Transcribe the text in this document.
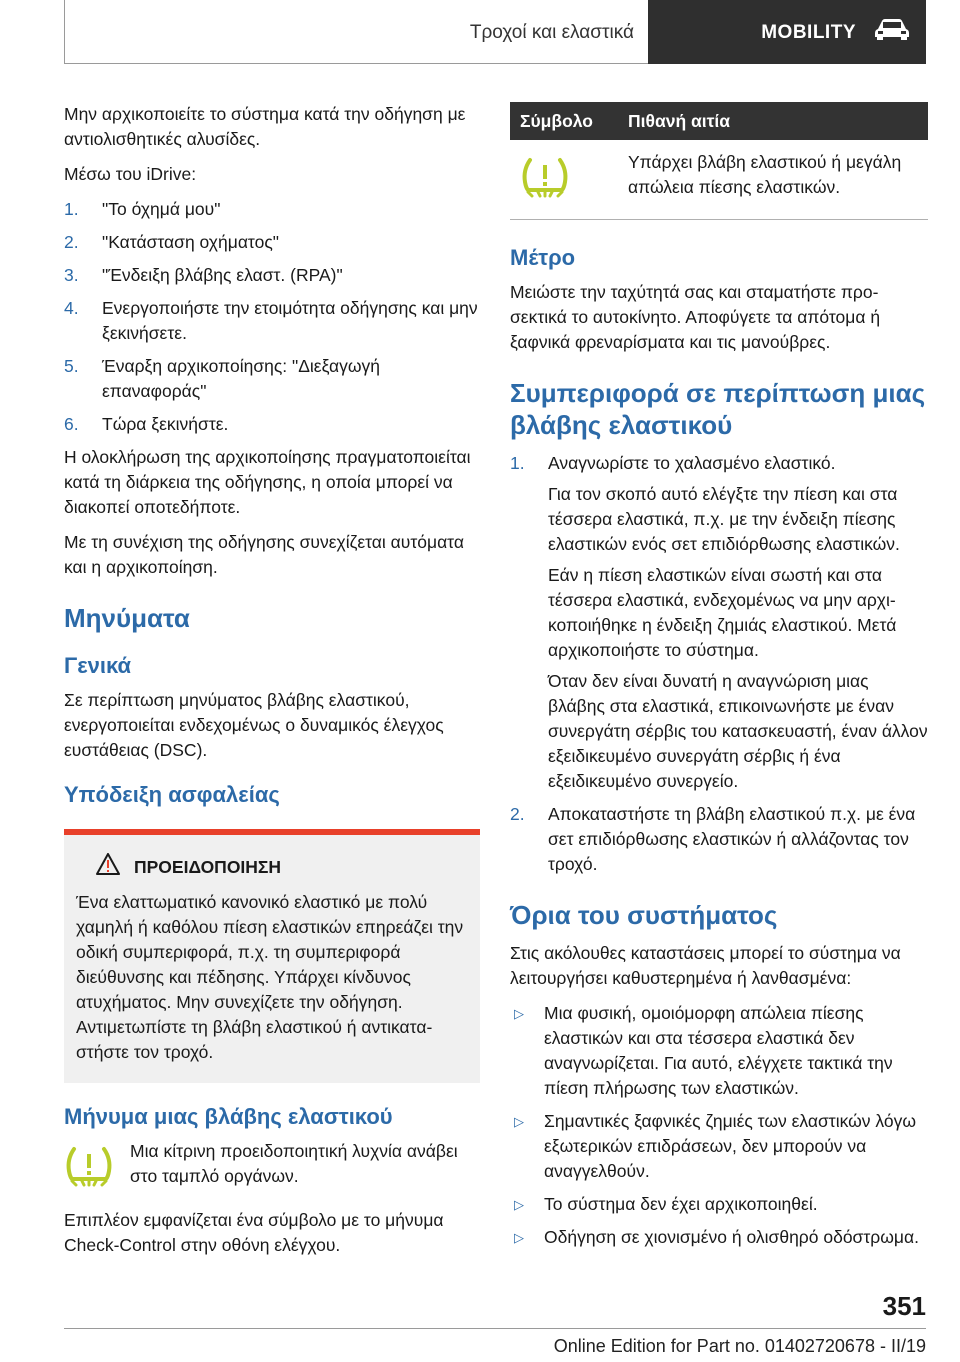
Τροχοί και ελαστικά	MOBILITY

Μην αρχικοποιείτε το σύστημα κατά την οδήγηση με αντιολισθητικές αλυσίδες.

Μέσω του iDrive:

1.	"Το όχημά μου"
2.	"Κατάσταση οχήματος"
3.	"Ένδειξη βλάβης ελαστ. (RPA)"
4.	Ενεργοποιήστε την ετοιμότητα οδήγησης και μην ξεκινήσετε.
5.	Έναρξη αρχικοποίησης: "Διεξαγωγή επαναφοράς"
6.	Τώρα ξεκινήστε.

Η ολοκλήρωση της αρχικοποίησης πραγματοποιείται κατά τη διάρκεια της οδήγησης, η οποία μπορεί να διακοπεί οποτεδήποτε.

Με τη συνέχιση της οδήγησης συνεχίζεται αυτόματα και η αρχικοποίηση.

Μηνύματα
Γενικά

Σε περίπτωση μηνύματος βλάβης ελαστικού, ενεργοποιείται ενδεχομένως ο δυναμικός έλεγχος ευστάθειας (DSC).

Υπόδειξη ασφαλείας
ΠΡΟΕΙΔΟΠΟΙΗΣΗ

Ένα ελαττωματικό κανονικό ελαστικό με πολύ χαμηλή ή καθόλου πίεση ελαστικών επηρεάζει την οδική συμπεριφορά, π.χ. τη συμπεριφορά διεύθυνσης και πέδησης. Υπάρχει κίνδυνος ατυχήματος. Μην συνεχίζετε την οδήγηση. Αντιμετωπίστε τη βλάβη ελαστικού ή αντικαταστήστε τον τροχό.

Μήνυμα μιας βλάβης ελαστικού

Μια κίτρινη προειδοποιητική λυχνία ανάβει στο ταμπλό οργάνων.

Επιπλέον εμφανίζεται ένα σύμβολο με το μήνυμα Check-Control στην οθόνη ελέγχου.

Σύμβολο	Πιθανή αιτία
	Υπάρχει βλάβη ελαστικού ή μεγάλη απώλεια πίεσης ελαστικών.
Μέτρο

Μειώστε την ταχύτητά σας και σταματήστε προσεκτικά το αυτοκίνητο. Αποφύγετε τα απότομα ή ξαφνικά φρεναρίσματα και τις μανούβρες.

Συμπεριφορά σε περίπτωση μιας βλάβης ελαστικού
1.	Αναγνωρίστε το χαλασμένο ελαστικό.

Για τον σκοπό αυτό ελέγξτε την πίεση και στα τέσσερα ελαστικά, π.χ. με την ένδειξη πίεσης ελαστικών ενός σετ επιδιόρθωσης ελαστικών.

Εάν η πίεση ελαστικών είναι σωστή και στα τέσσερα ελαστικά, ενδεχομένως να μην αρχικοποιήθηκε η ένδειξη ζημιάς ελαστικού. Μετά αρχικοποιήστε το σύστημα.

Όταν δεν είναι δυνατή η αναγνώριση μιας βλάβης στα ελαστικά, επικοινωνήστε με έναν συνεργάτη σέρβις του κατασκευαστή, έναν άλλον εξειδικευμένο συνεργάτη σέρβις ή ένα εξειδικευμένο συνεργείο.

2.	Αποκαταστήστε τη βλάβη ελαστικού π.χ. με ένα σετ επιδιόρθωσης ελαστικών ή αλλάζοντας τον τροχό.
Όρια του συστήματος

Στις ακόλουθες καταστάσεις μπορεί το σύστημα να λειτουργήσει καθυστερημένα ή λανθασμένα:

▷	Μια φυσική, ομοιόμορφη απώλεια πίεσης ελαστικών και στα τέσσερα ελαστικά δεν αναγνωρίζεται. Για αυτό, ελέγχετε τακτικά την πίεση πλήρωσης των ελαστικών.
▷	Σημαντικές ξαφνικές ζημιές των ελαστικών λόγω εξωτερικών επιδράσεων, δεν μπορούν να αναγγελθούν.
▷	Το σύστημα δεν έχει αρχικοποιηθεί.
▷	Οδήγηση σε χιονισμένο ή ολισθηρό οδόστρωμα.
351
Online Edition for Part no. 01402720678 - II/19
